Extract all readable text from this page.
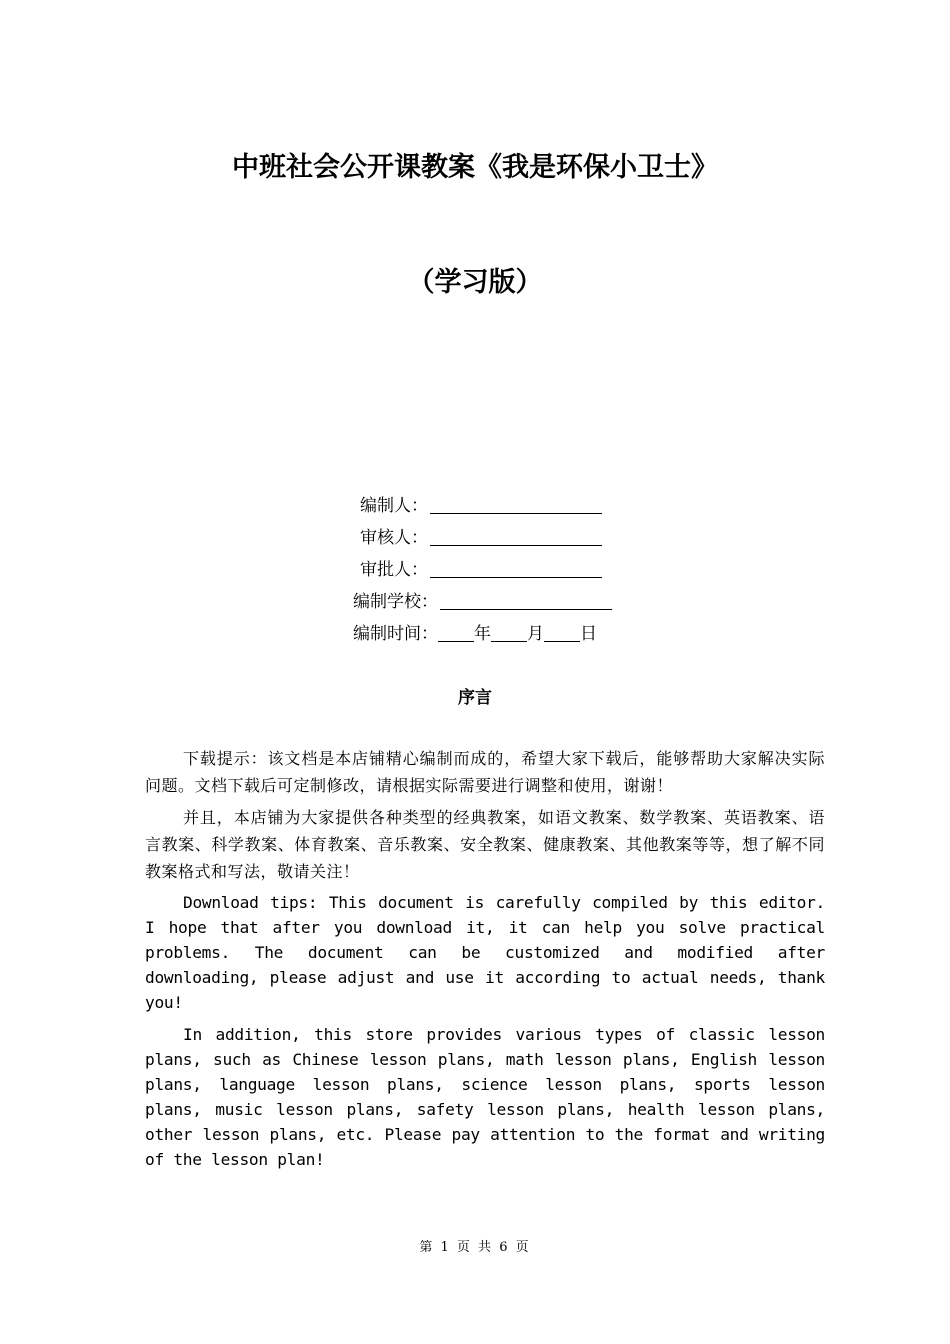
中班社会公开课教案《我是环保小卫士》
（学习版）
编制人：
审核人：
审批人：
编制学校：
编制时间： 年 月 日
序言

下载提示：该文档是本店铺精心编制而成的，希望大家下载后，能够帮助大家解决实际问题。文档下载后可定制修改，请根据实际需要进行调整和使用，谢谢！

并且，本店铺为大家提供各种类型的经典教案，如语文教案、数学教案、英语教案、语言教案、科学教案、体育教案、音乐教案、安全教案、健康教案、其他教案等等，想了解不同教案格式和写法，敬请关注！

Download tips: This document is carefully compiled by this editor. I hope that after you download it, it can help you solve practical problems. The document can be customized and modified after downloading, please adjust and use it according to actual needs, thank you!

In addition, this store provides various types of classic lesson plans, such as Chinese lesson plans, math lesson plans, English lesson plans, language lesson plans, science lesson plans, sports lesson plans, music lesson plans, safety lesson plans, health lesson plans, other lesson plans, etc. Please pay attention to the format and writing of the lesson plan!

第 1 页 共 6 页
